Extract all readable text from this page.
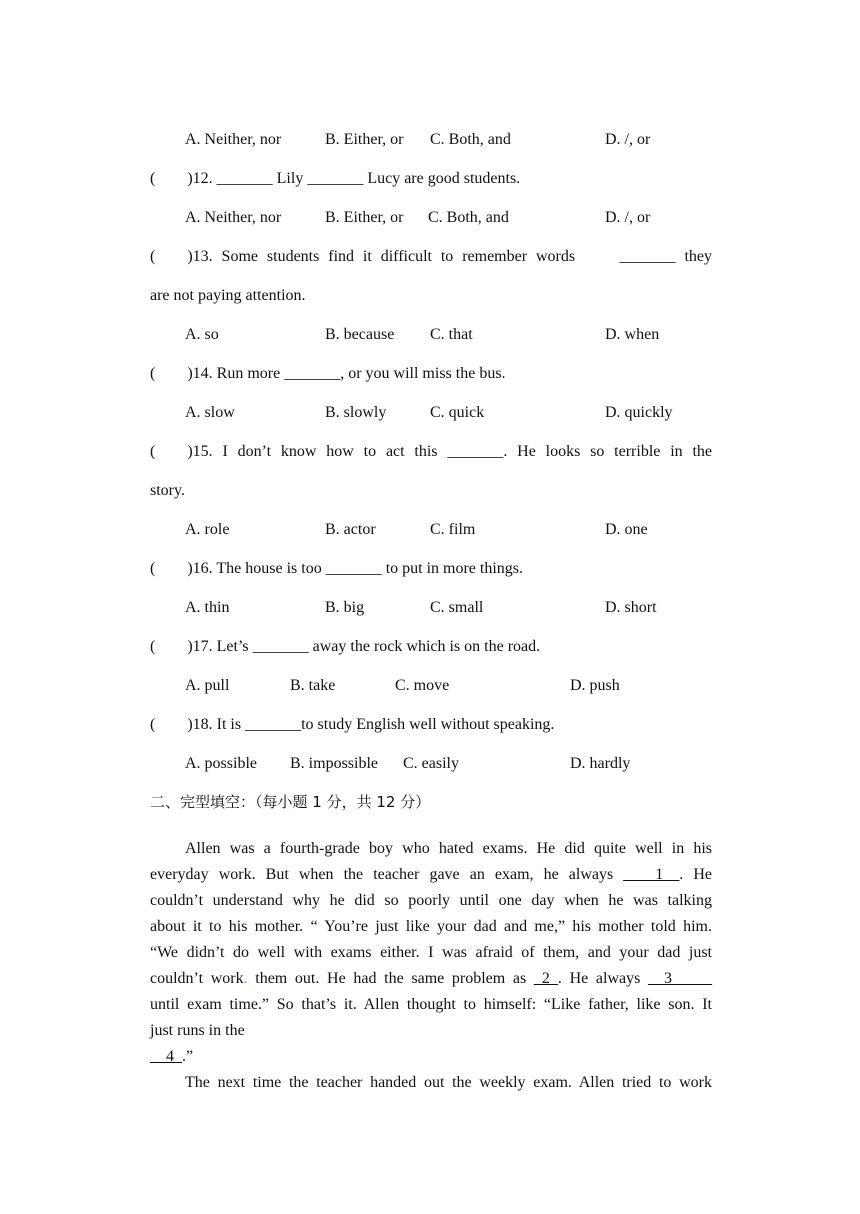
A. Neither, nor	B. Either, or C. Both, and	D. /, or
(        )12. _______ Lily _______ Lucy are good students.
A. Neither, nor	B. Either, or C. Both, and	D. /, or
(        )13. Some students find it difficult to remember words     _______ they
are not paying attention.
A. so	B. because C. that	D. when
(        )14. Run more _______, or you will miss the bus.
A. slow	B. slowly	C. quick	D. quickly
(        )15. I don’t know how to act this _______. He looks so terrible in the
story.
A. role	B. actor	C. film	D. one
(        )16. The house is too _______ to put in more things.
A. thin	B. big	C. small	D. short
(        )17. Let’s _______ away the rock which is on the road.
A. pull	B. take	C. move	D. push
(        )18. It is _______to study English well without speaking.
A. possible B. impossible C. easily	D. hardly
二、完型填空：（每小题 1 分，共 12 分）
Allen was a fourth-grade boy who hated exams. He did quite well in his
everyday work. But when the teacher gave an exam, he always ____1__. He
couldn’t understand why he did so poorly until one day when he was talking
about it to his mother. “ You’re just like your dad and me,” his mother told him.
“We didn’t do well with exams either. I was afraid of them, and your dad just
couldn’t work. them out. He had the same problem as _2_. He always __3_____
until exam time.” So that’s it. Allen thought to himself: “Like father, like son. It
just runs in the
__4_.”
The next time the teacher handed out the weekly exam. Allen tried to work
